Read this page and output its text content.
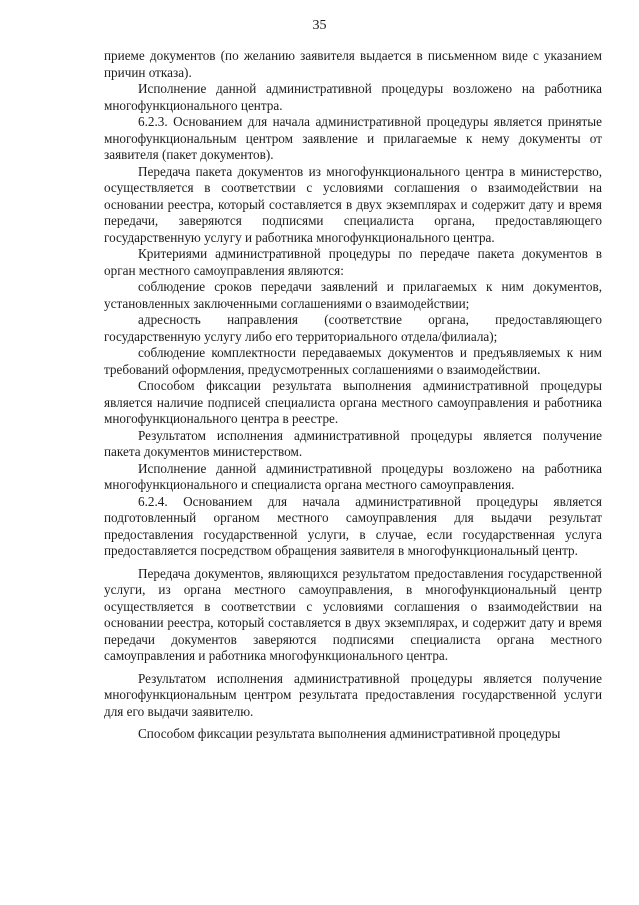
35

приеме документов (по желанию заявителя выдается в письменном виде с указанием причин отказа).

Исполнение данной административной процедуры возложено на работника многофункционального центра.

6.2.3. Основанием для начала административной процедуры является принятые многофункциональным центром заявление и прилагаемые к нему документы от заявителя (пакет документов).

Передача пакета документов из многофункционального центра в министерство, осуществляется в соответствии с условиями соглашения о взаимодействии на основании реестра, который составляется в двух экземплярах и содержит дату и время передачи, заверяются подписями специалиста органа, предоставляющего государственную услугу и работника многофункционального центра.

Критериями административной процедуры по передаче пакета документов в орган местного самоуправления являются:

соблюдение сроков передачи заявлений и прилагаемых к ним документов, установленных заключенными соглашениями о взаимодействии;

адресность направления (соответствие органа, предоставляющего государственную услугу либо его территориального отдела/филиала);

соблюдение комплектности передаваемых документов и предъявляемых к ним требований оформления, предусмотренных соглашениями о взаимодействии.

Способом фиксации результата выполнения административной процедуры является наличие подписей специалиста органа местного самоуправления и работника многофункционального центра в реестре.

Результатом исполнения административной процедуры является получение пакета документов министерством.

Исполнение данной административной процедуры возложено на работника многофункционального и специалиста органа местного самоуправления.

6.2.4. Основанием для начала административной процедуры является подготовленный органом местного самоуправления для выдачи результат предоставления государственной услуги, в случае, если государственная услуга предоставляется посредством обращения заявителя в многофункциональный центр.

Передача документов, являющихся результатом предоставления государственной услуги, из органа местного самоуправления, в многофункциональный центр осуществляется в соответствии с условиями соглашения о взаимодействии на основании реестра, который составляется в двух экземплярах, и содержит дату и время передачи документов заверяются подписями специалиста органа местного самоуправления и работника многофункционального центра.

Результатом исполнения административной процедуры является получение многофункциональным центром результата предоставления государственной услуги для его выдачи заявителю.

Способом фиксации результата выполнения административной процедуры
